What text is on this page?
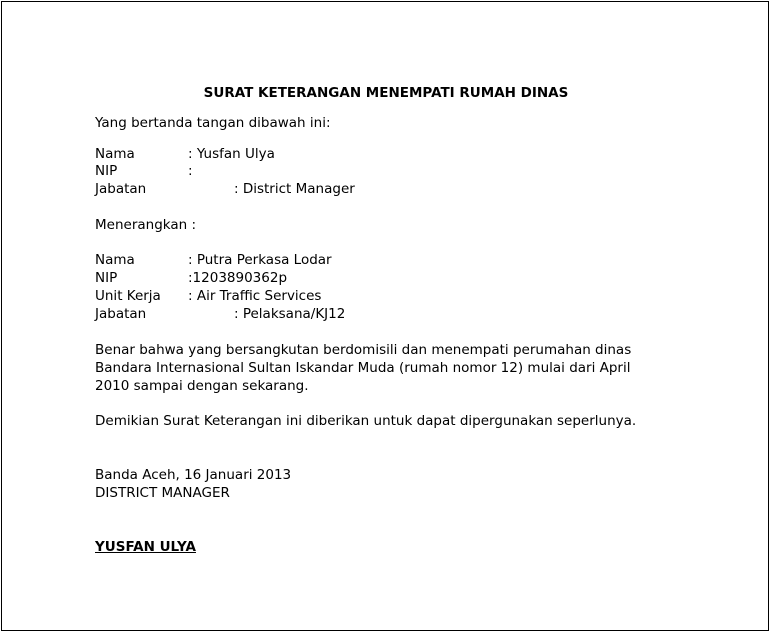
SURAT KETERANGAN MENEMPATI RUMAH DINAS

Yang bertanda tangan dibawah ini:

Nama	: Yusfan Ulya

NIP	:

Jabatan	: District Manager

Menerangkan :

Nama	: Putra Perkasa Lodar

NIP	:1203890362p

Unit Kerja : Air Traffic Services

Jabatan	: Pelaksana/KJ12

Benar bahwa yang bersangkutan berdomisili dan menempati perumahan dinas

Bandara Internasional Sultan Iskandar Muda (rumah nomor 12) mulai dari April

2010 sampai dengan sekarang.

Demikian Surat Keterangan ini diberikan untuk dapat dipergunakan seperlunya.

Banda Aceh, 16 Januari 2013

DISTRICT MANAGER

YUSFAN ULYA
